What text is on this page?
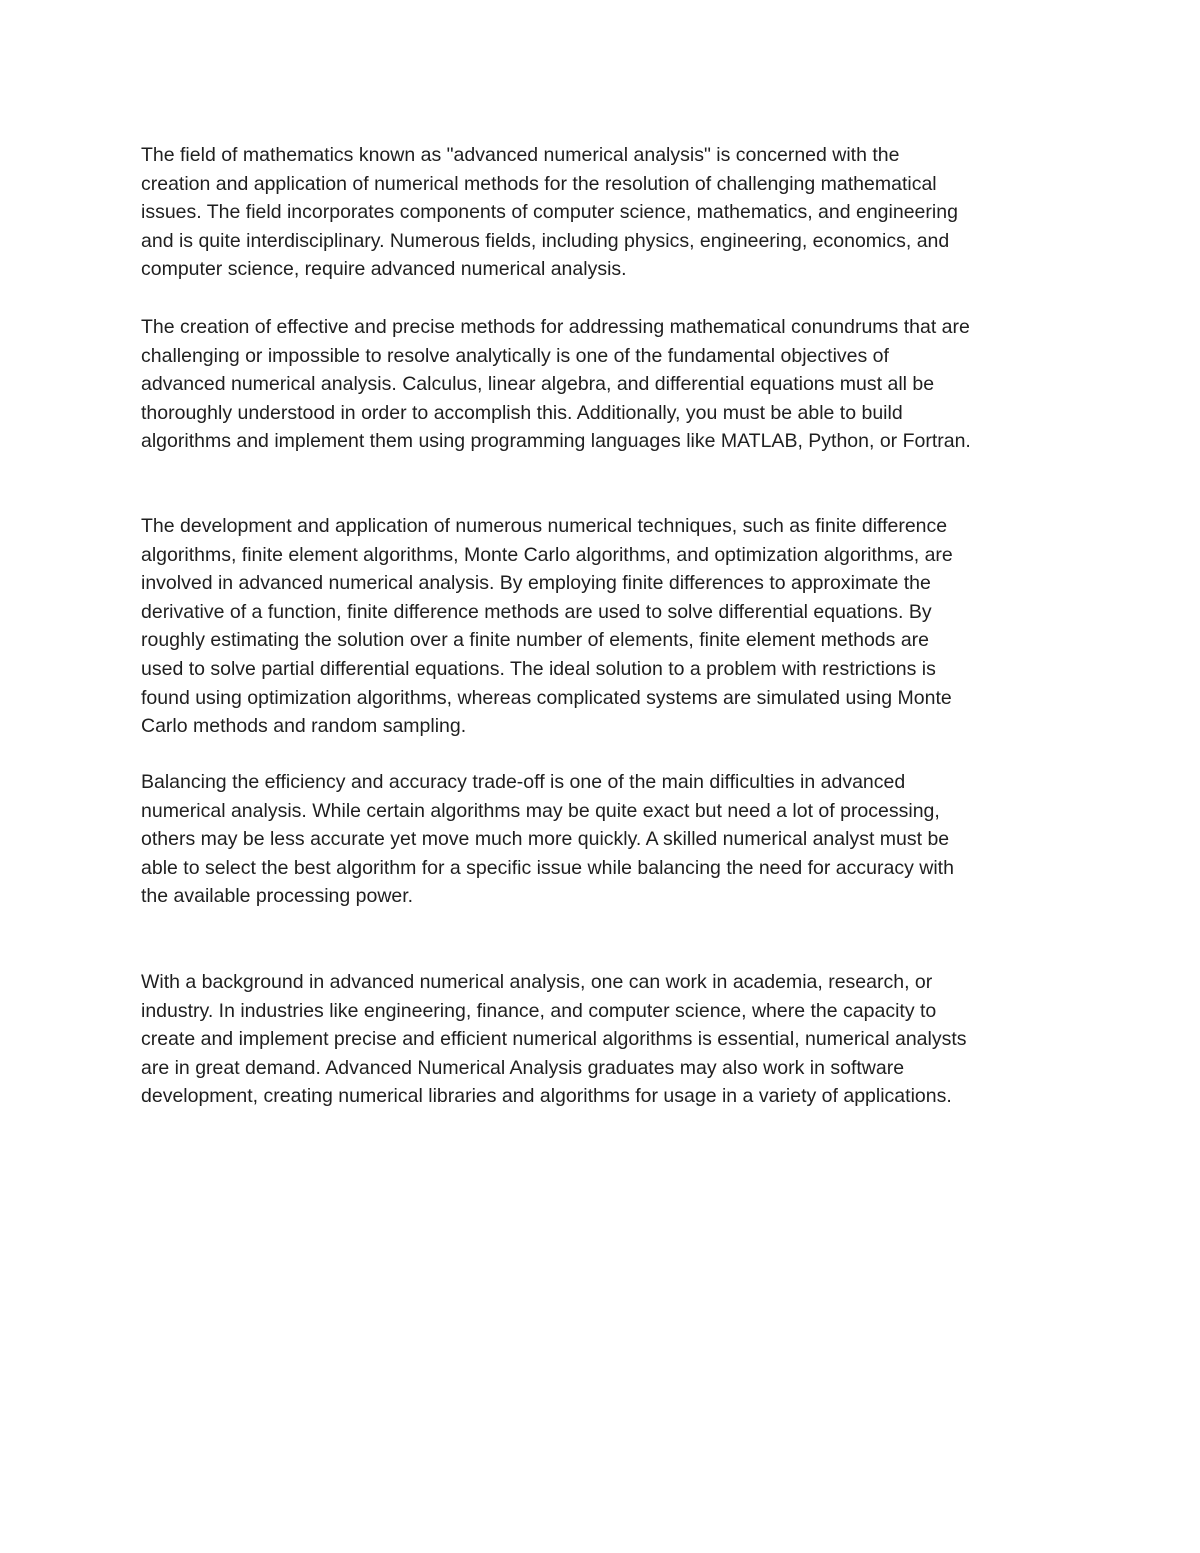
The field of mathematics known as "advanced numerical analysis" is concerned with the
creation and application of numerical methods for the resolution of challenging mathematical
issues. The field incorporates components of computer science, mathematics, and engineering
and is quite interdisciplinary. Numerous fields, including physics, engineering, economics, and
computer science, require advanced numerical analysis.

The creation of effective and precise methods for addressing mathematical conundrums that are
challenging or impossible to resolve analytically is one of the fundamental objectives of
advanced numerical analysis. Calculus, linear algebra, and differential equations must all be
thoroughly understood in order to accomplish this. Additionally, you must be able to build
algorithms and implement them using programming languages like MATLAB, Python, or Fortran.

The development and application of numerous numerical techniques, such as finite difference
algorithms, finite element algorithms, Monte Carlo algorithms, and optimization algorithms, are
involved in advanced numerical analysis. By employing finite differences to approximate the
derivative of a function, finite difference methods are used to solve differential equations. By
roughly estimating the solution over a finite number of elements, finite element methods are
used to solve partial differential equations. The ideal solution to a problem with restrictions is
found using optimization algorithms, whereas complicated systems are simulated using Monte
Carlo methods and random sampling.

Balancing the efficiency and accuracy trade-off is one of the main difficulties in advanced
numerical analysis. While certain algorithms may be quite exact but need a lot of processing,
others may be less accurate yet move much more quickly. A skilled numerical analyst must be
able to select the best algorithm for a specific issue while balancing the need for accuracy with
the available processing power.

With a background in advanced numerical analysis, one can work in academia, research, or
industry. In industries like engineering, finance, and computer science, where the capacity to
create and implement precise and efficient numerical algorithms is essential, numerical analysts
are in great demand. Advanced Numerical Analysis graduates may also work in software
development, creating numerical libraries and algorithms for usage in a variety of applications.
